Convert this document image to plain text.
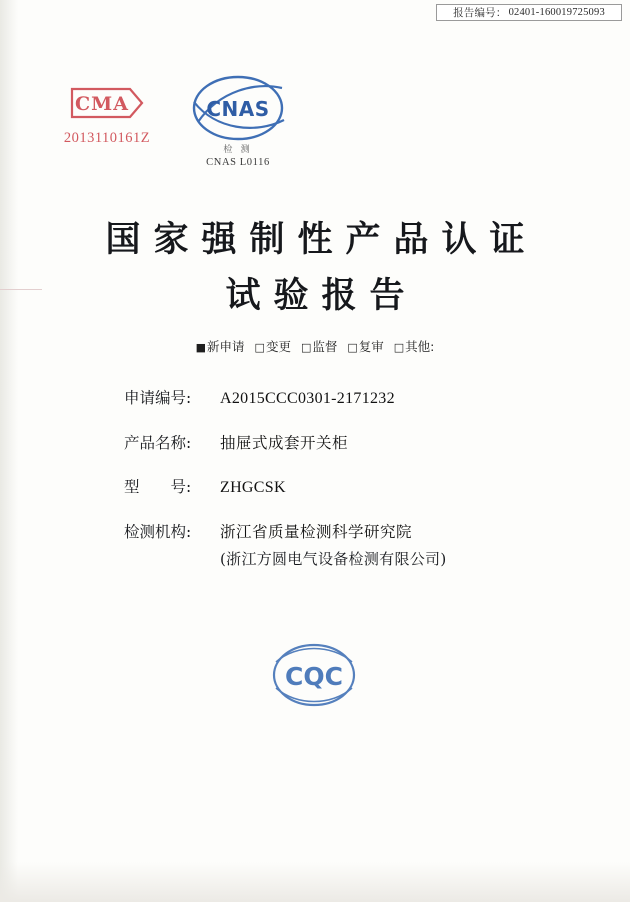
报告编号： 02401-160019725093
CMA
2013110161Z
CNAS
检 测
CNAS L0116
国家强制性产品认证
试验报告
■新申请 □变更 □监督 □复审 □其他:
申请编号:	A2015CCC0301-2171232
产品名称:	抽屉式成套开关柜
型　　号:	ZHGCSK
检测机构:	浙江省质量检测科学研究院
(浙江方圆电气设备检测有限公司)
CQC
